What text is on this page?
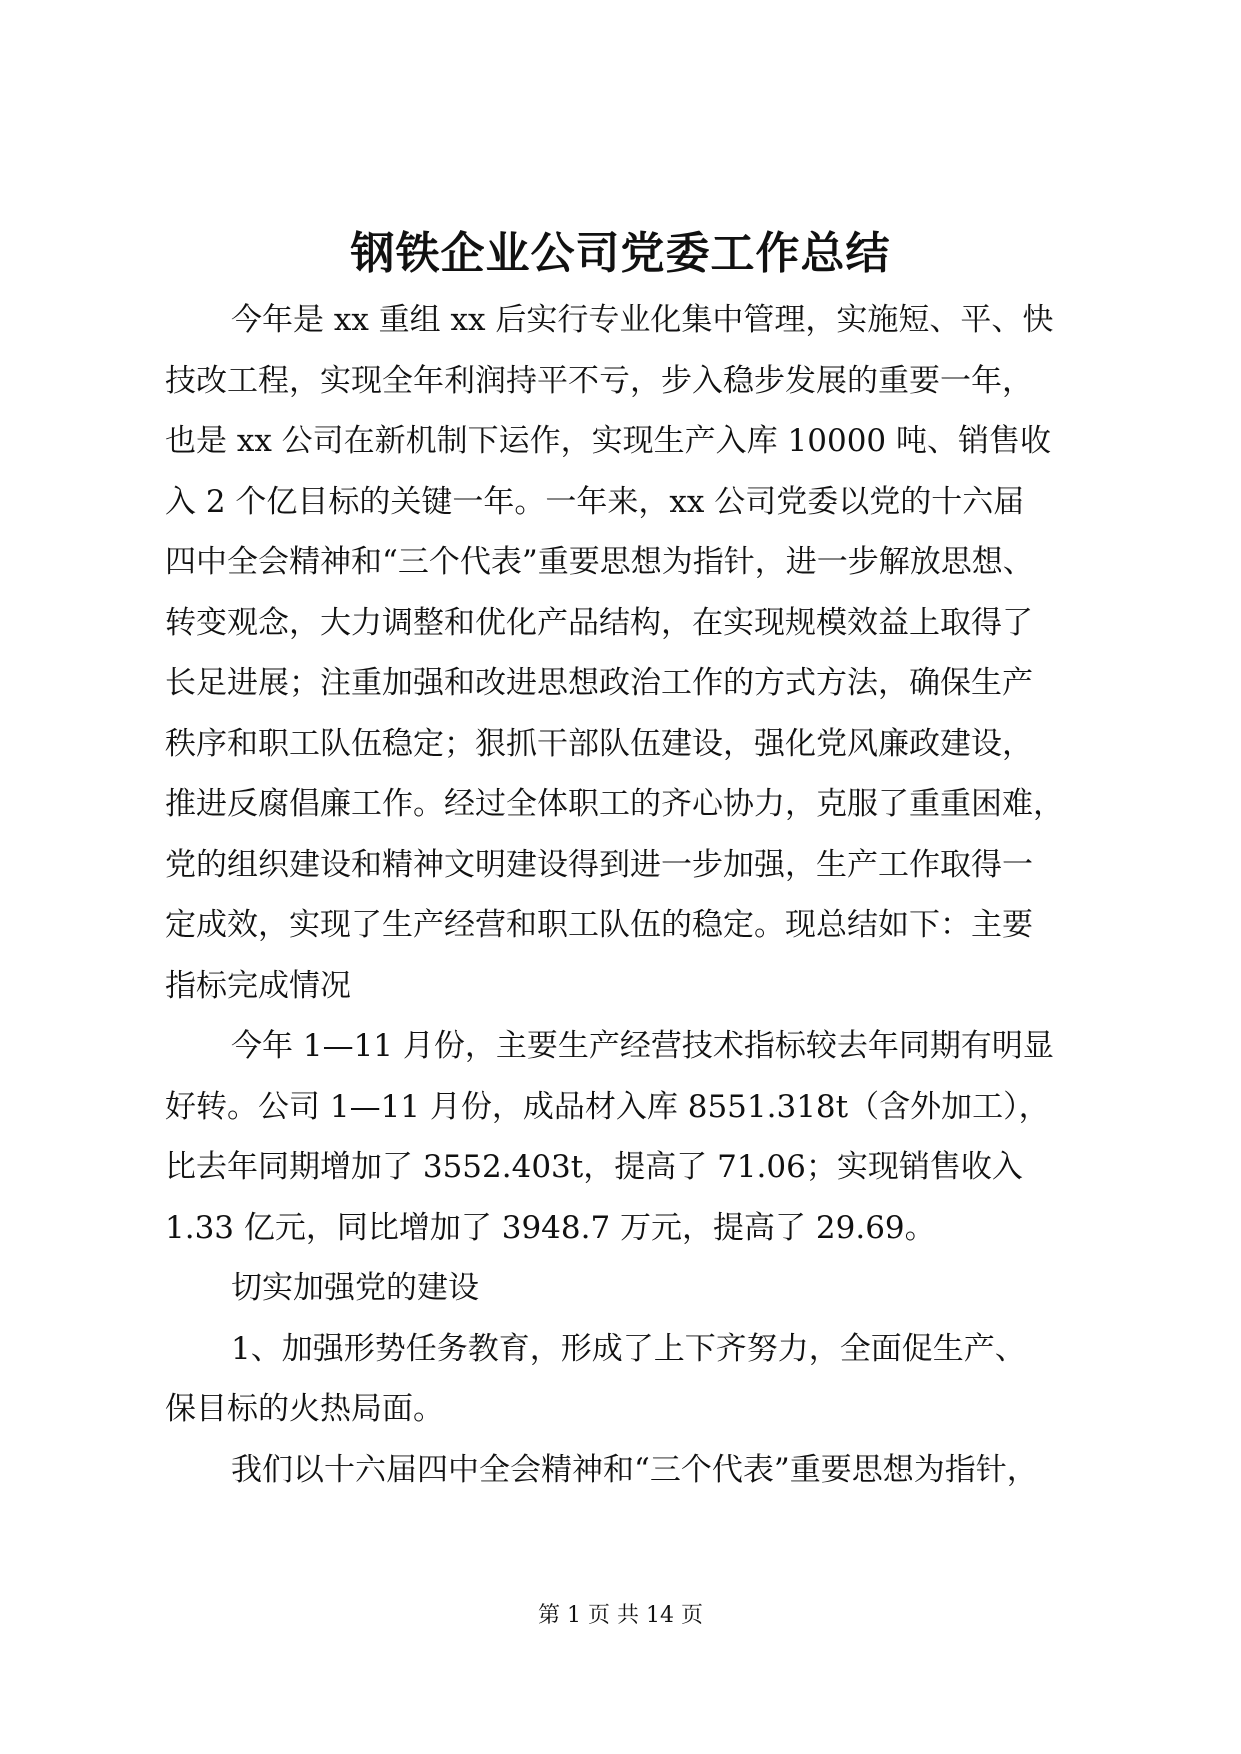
钢铁企业公司党委工作总结
今年是 xx 重组 xx 后实行专业化集中管理，实施短、平、快
技改工程，实现全年利润持平不亏，步入稳步发展的重要一年，
也是 xx 公司在新机制下运作，实现生产入库 10000 吨、销售收
入 2 个亿目标的关键一年。一年来，xx 公司党委以党的十六届
四中全会精神和“三个代表”重要思想为指针，进一步解放思想、
转变观念，大力调整和优化产品结构，在实现规模效益上取得了
长足进展；注重加强和改进思想政治工作的方式方法，确保生产
秩序和职工队伍稳定；狠抓干部队伍建设，强化党风廉政建设，
推进反腐倡廉工作。经过全体职工的齐心协力，克服了重重困难，
党的组织建设和精神文明建设得到进一步加强，生产工作取得一
定成效，实现了生产经营和职工队伍的稳定。现总结如下：主要
指标完成情况
今年 1—11 月份，主要生产经营技术指标较去年同期有明显
好转。公司 1—11 月份，成品材入库 8551.318t（含外加工），
比去年同期增加了 3552.403t，提高了 71.06；实现销售收入
1.33 亿元，同比增加了 3948.7 万元，提高了 29.69。
切实加强党的建设
1、加强形势任务教育，形成了上下齐努力，全面促生产、
保目标的火热局面。
我们以十六届四中全会精神和“三个代表”重要思想为指针，
第 1 页 共 14 页
